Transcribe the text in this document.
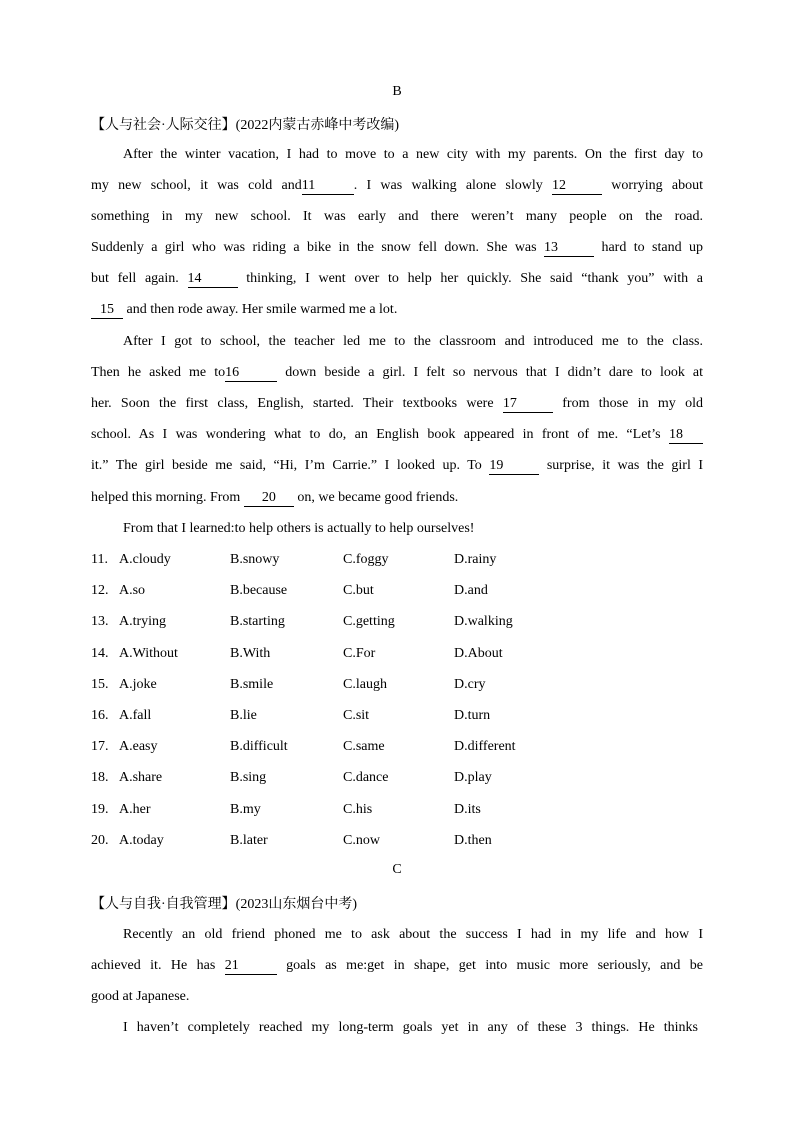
B
【人与社会·人际交往】(2022内蒙古赤峰中考改编)
After the winter vacation, I had to move to a new city with my parents. On the first day to
my new school, it was cold and11	. I was walking alone slowly 12	worrying about
something in my new school. It was early and there weren’t many people on the road.
Suddenly a girl who was riding a bike in the snow fell down. She was 13	hard to stand up
but fell again. 14	thinking, I went over to help her quickly. She said “thank you” with a
15 and then rode away. Her smile warmed me a lot.
After I got to school, the teacher led me to the classroom and introduced me to the class.
Then he asked me to16	down beside a girl. I felt so nervous that I didn’t dare to look at
her. Soon the first class, English, started. Their textbooks were 17	from those in my old
school. As I was wondering what to do, an English book appeared in front of me. “Let’s 18
it.” The girl beside me said, “Hi, I’m Carrie.” I looked up. To 19	surprise, it was the girl I
helped this morning. From 20 on, we became good friends.
From that I learned:to help others is actually to help ourselves!
11. A.cloudy	B.snowy	C.foggy	D.rainy
12. A.so	B.because	C.but	D.and
13. A.trying	B.starting	C.getting	D.walking
14. A.Without	B.With	C.For	D.About
15. A.joke	B.smile	C.laugh	D.cry
16. A.fall	B.lie	C.sit	D.turn
17. A.easy	B.difficult	C.same	D.different
18. A.share	B.sing	C.dance	D.play
19. A.her	B.my	C.his	D.its
20. A.today	B.later	C.now	D.then
C
【人与自我·自我管理】(2023山东烟台中考)
Recently an old friend phoned me to ask about the success I had in my life and how I
achieved it. He has 21	goals as me:get in shape, get into music more seriously, and be
good at Japanese.
I haven’t completely reached my long-term goals yet in any of these 3 things. He thinks
